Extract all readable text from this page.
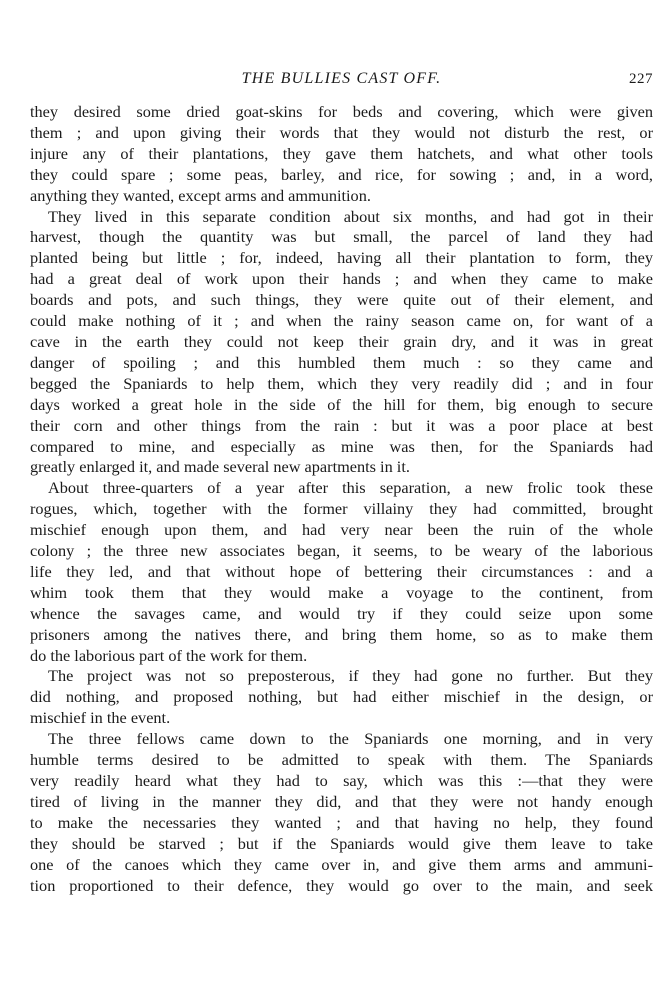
THE BULLIES CAST OFF.	227

they desired some dried goat-skins for beds and covering, which were given
them ; and upon giving their words that they would not disturb the rest, or
injure any of their plantations, they gave them hatchets, and what other tools
they could spare ; some peas, barley, and rice, for sowing ; and, in a word,
anything they wanted, except arms and ammunition.

They lived in this separate condition about six months, and had got in their
harvest, though the quantity was but small, the parcel of land they had
planted being but little ; for, indeed, having all their plantation to form, they
had a great deal of work upon their hands ; and when they came to make
boards and pots, and such things, they were quite out of their element, and
could make nothing of it ; and when the rainy season came on, for want of a
cave in the earth they could not keep their grain dry, and it was in great
danger of spoiling ; and this humbled them much : so they came and
begged the Spaniards to help them, which they very readily did ; and in four
days worked a great hole in the side of the hill for them, big enough to secure
their corn and other things from the rain : but it was a poor place at best
compared to mine, and especially as mine was then, for the Spaniards had
greatly enlarged it, and made several new apartments in it.

About three-quarters of a year after this separation, a new frolic took these
rogues, which, together with the former villainy they had committed, brought
mischief enough upon them, and had very near been the ruin of the whole
colony ; the three new associates began, it seems, to be weary of the laborious
life they led, and that without hope of bettering their circumstances : and a
whim took them that they would make a voyage to the continent, from
whence the savages came, and would try if they could seize upon some
prisoners among the natives there, and bring them home, so as to make them
do the laborious part of the work for them.

The project was not so preposterous, if they had gone no further. But they
did nothing, and proposed nothing, but had either mischief in the design, or
mischief in the event.

The three fellows came down to the Spaniards one morning, and in very
humble terms desired to be admitted to speak with them. The Spaniards
very readily heard what they had to say, which was this :—that they were
tired of living in the manner they did, and that they were not handy enough
to make the necessaries they wanted ; and that having no help, they found
they should be starved ; but if the Spaniards would give them leave to take
one of the canoes which they came over in, and give them arms and ammuni-
tion proportioned to their defence, they would go over to the main, and seek
